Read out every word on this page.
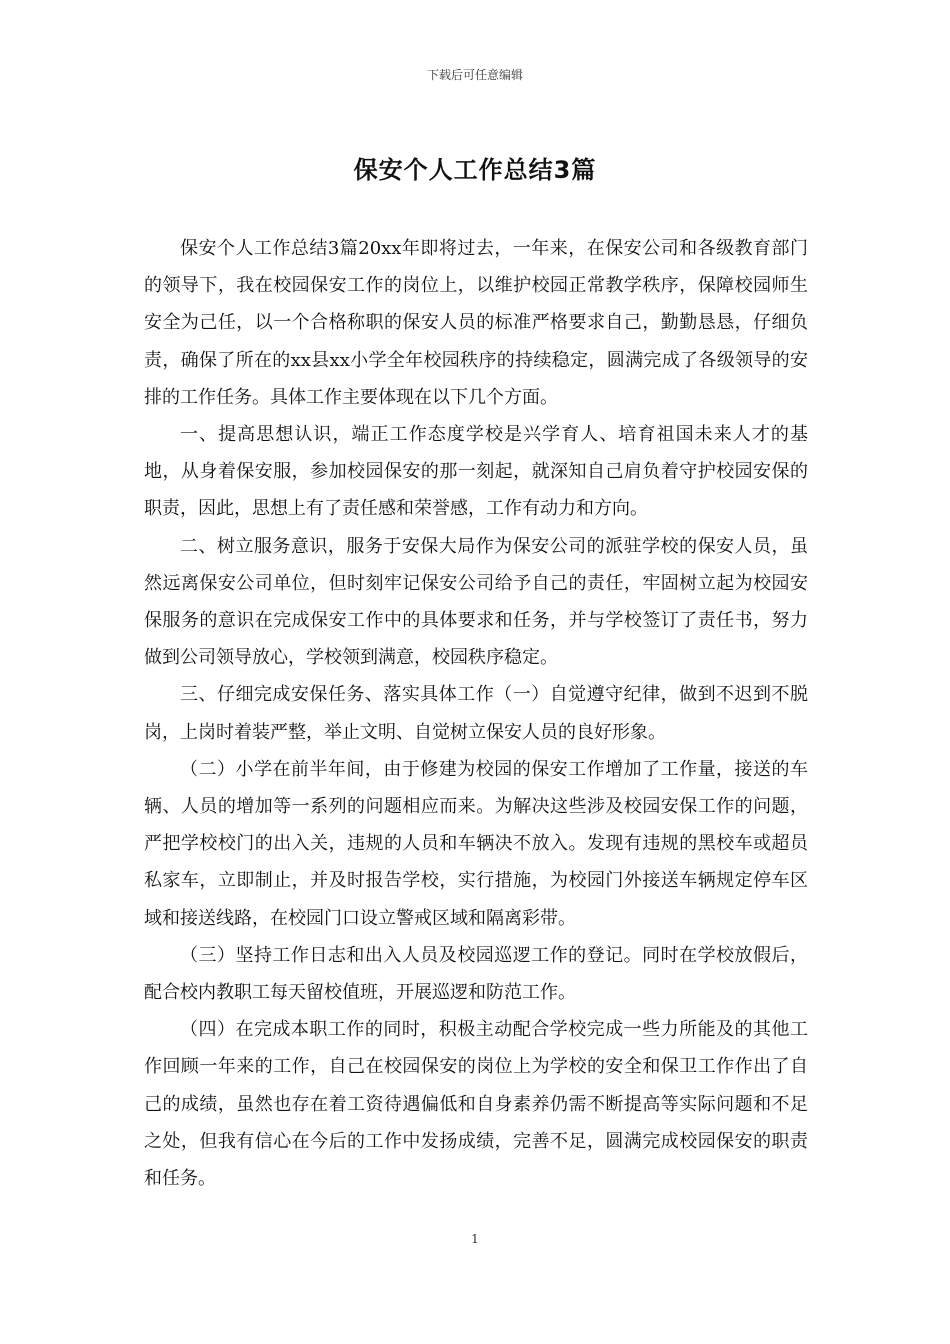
下载后可任意编辑
保安个人工作总结3篇

保安个人工作总结3篇20xx年即将过去，一年来，在保安公司和各级教育部门的领导下，我在校园保安工作的岗位上，以维护校园正常教学秩序，保障校园师生安全为己任，以一个合格称职的保安人员的标准严格要求自己，勤勤恳恳，仔细负责，确保了所在的xx县xx小学全年校园秩序的持续稳定，圆满完成了各级领导的安排的工作任务。具体工作主要体现在以下几个方面。

一、提高思想认识，端正工作态度学校是兴学育人、培育祖国未来人才的基地，从身着保安服，参加校园保安的那一刻起，就深知自己肩负着守护校园安保的职责，因此，思想上有了责任感和荣誉感，工作有动力和方向。

二、树立服务意识，服务于安保大局作为保安公司的派驻学校的保安人员，虽然远离保安公司单位，但时刻牢记保安公司给予自己的责任，牢固树立起为校园安保服务的意识在完成保安工作中的具体要求和任务，并与学校签订了责任书，努力做到公司领导放心，学校领到满意，校园秩序稳定。

三、仔细完成安保任务、落实具体工作（一）自觉遵守纪律，做到不迟到不脱岗，上岗时着装严整，举止文明、自觉树立保安人员的良好形象。

（二）小学在前半年间，由于修建为校园的保安工作增加了工作量，接送的车辆、人员的增加等一系列的问题相应而来。为解决这些涉及校园安保工作的问题，严把学校校门的出入关，违规的人员和车辆决不放入。发现有违规的黑校车或超员私家车，立即制止，并及时报告学校，实行措施，为校园门外接送车辆规定停车区域和接送线路，在校园门口设立警戒区域和隔离彩带。

（三）坚持工作日志和出入人员及校园巡逻工作的登记。同时在学校放假后，配合校内教职工每天留校值班，开展巡逻和防范工作。

（四）在完成本职工作的同时，积极主动配合学校完成一些力所能及的其他工作回顾一年来的工作，自己在校园保安的岗位上为学校的安全和保卫工作作出了自己的成绩，虽然也存在着工资待遇偏低和自身素养仍需不断提高等实际问题和不足之处，但我有信心在今后的工作中发扬成绩，完善不足，圆满完成校园保安的职责和任务。

1
